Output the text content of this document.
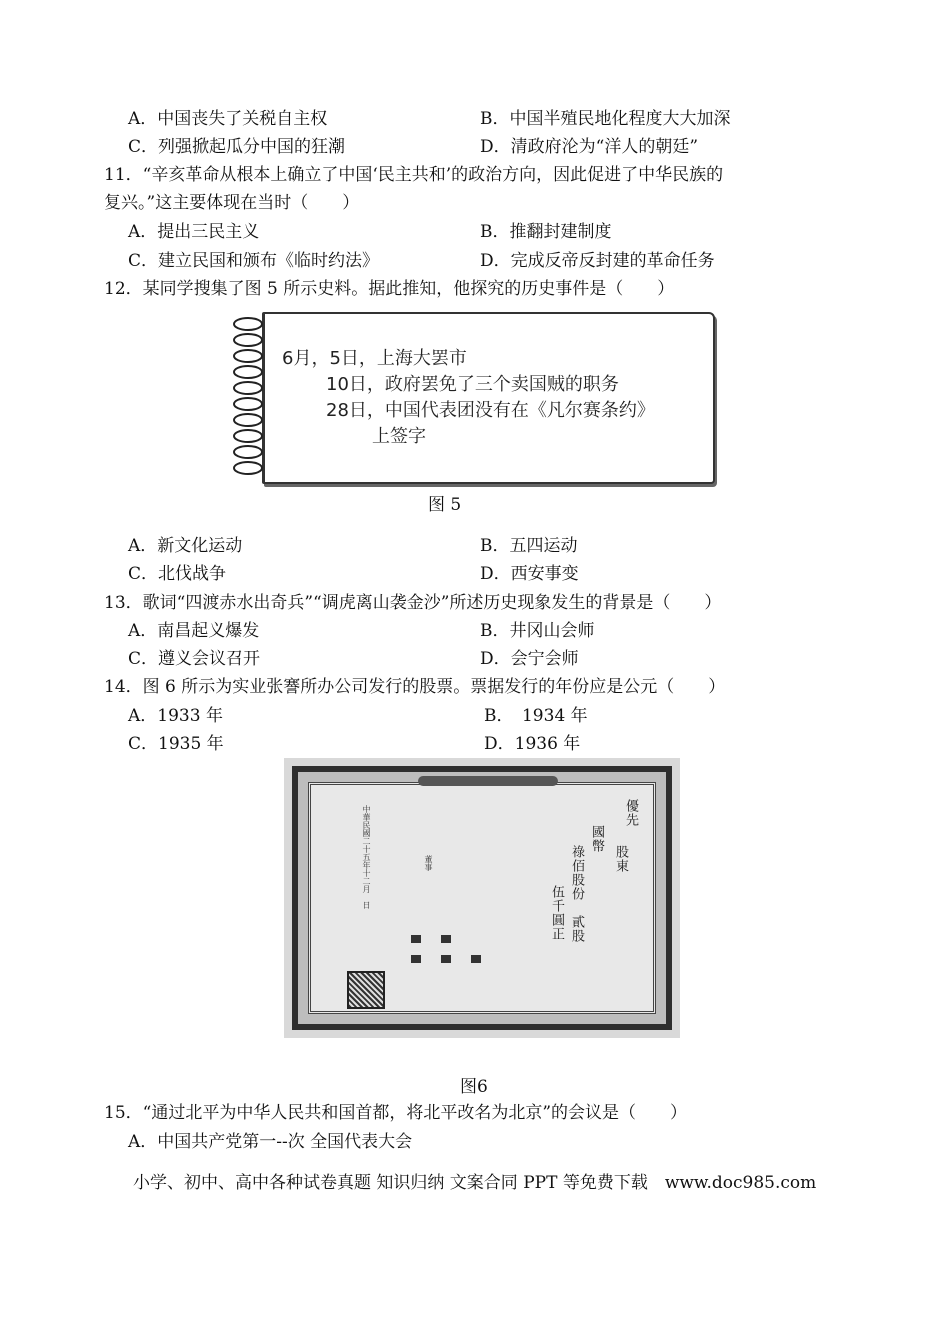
A．中国丧失了关税自主权	B．中国半殖民地化程度大大加深
C．列强掀起瓜分中国的狂潮	D．清政府沦为“洋人的朝廷”
11．“辛亥革命从根本上确立了中国‘民主共和’的政治方向，因此促进了中华民族的
复兴。”这主要体现在当时（　　）
A．提出三民主义	B．推翻封建制度
C．建立民国和颁布《临时约法》	D．完成反帝反封建的革命任务
12．某同学搜集了图 5 所示史料。据此推知，他探究的历史事件是（　　）
6月，5日，上海大罢市
10日，政府罢免了三个卖国贼的职务
28日，中国代表团没有在《凡尔赛条约》
上签字
图 5
A．新文化运动	B．五四运动
C．北伐战争	D．西安事变
13．歌词“四渡赤水出奇兵”“调虎离山袭金沙”所述历史现象发生的背景是（　　）
A．南昌起义爆发	B．井冈山会师
C．遵义会议召开	D．会宁会师
14．图 6 所示为实业张謇所办公司发行的股票。票据发行的年份应是公元（　　）
A．1933 年	B．　1934 年
C．1935 年	D．1936 年
優先
股東
國幣
祿佰股份　貳股
伍千圓正
中華民國二十五年十二月　日	董事
图6
15．“通过北平为中华人民共和国首都，将北平改名为北京”的会议是（　　）
A．中国共产党第一--次 全国代表大会
小学、初中、高中各种试卷真题 知识归纳 文案合同 PPT 等免费下载　www.doc985.com
